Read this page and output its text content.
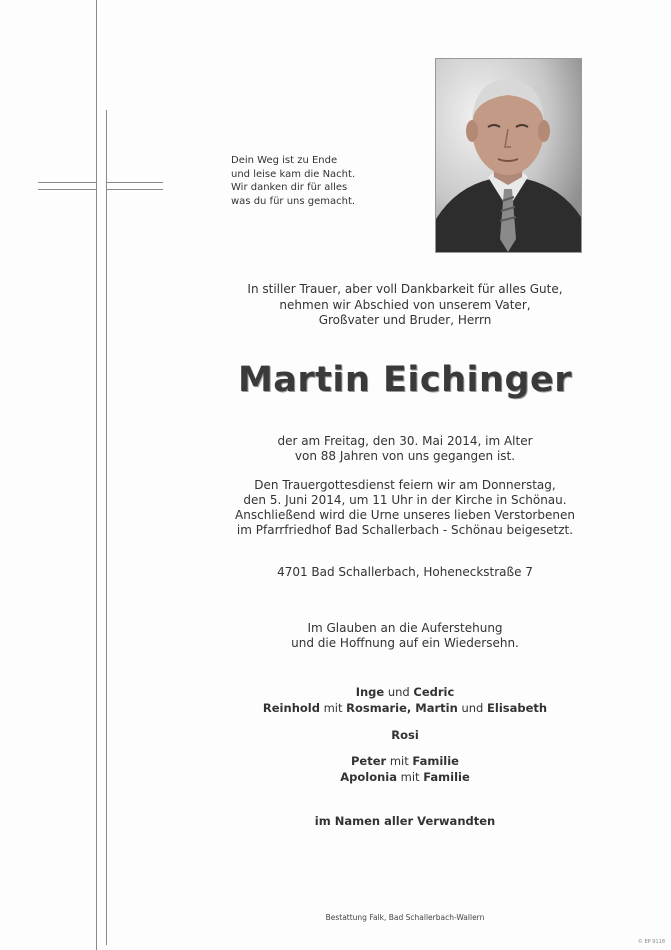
Dein Weg ist zu Ende
und leise kam die Nacht.
Wir danken dir für alles
was du für uns gemacht.
In stiller Trauer, aber voll Dankbarkeit für alles Gute,
nehmen wir Abschied von unserem Vater,
Großvater und Bruder, Herrn
Martin Eichinger
der am Freitag, den 30. Mai 2014, im Alter
von 88 Jahren von uns gegangen ist.
Den Trauergottesdienst feiern wir am Donnerstag,
den 5. Juni 2014, um 11 Uhr in der Kirche in Schönau.
Anschließend wird die Urne unseres lieben Verstorbenen
im Pfarrfriedhof Bad Schallerbach - Schönau beigesetzt.
4701 Bad Schallerbach, Hoheneckstraße 7
Im Glauben an die Auferstehung
und die Hoffnung auf ein Wiedersehn.
Inge und Cedric
Reinhold mit Rosmarie, Martin und Elisabeth
Rosi
Peter mit Familie
Apolonia mit Familie
im Namen aller Verwandten
Bestattung Falk, Bad Schallerbach-Wallern
© EP 9118
